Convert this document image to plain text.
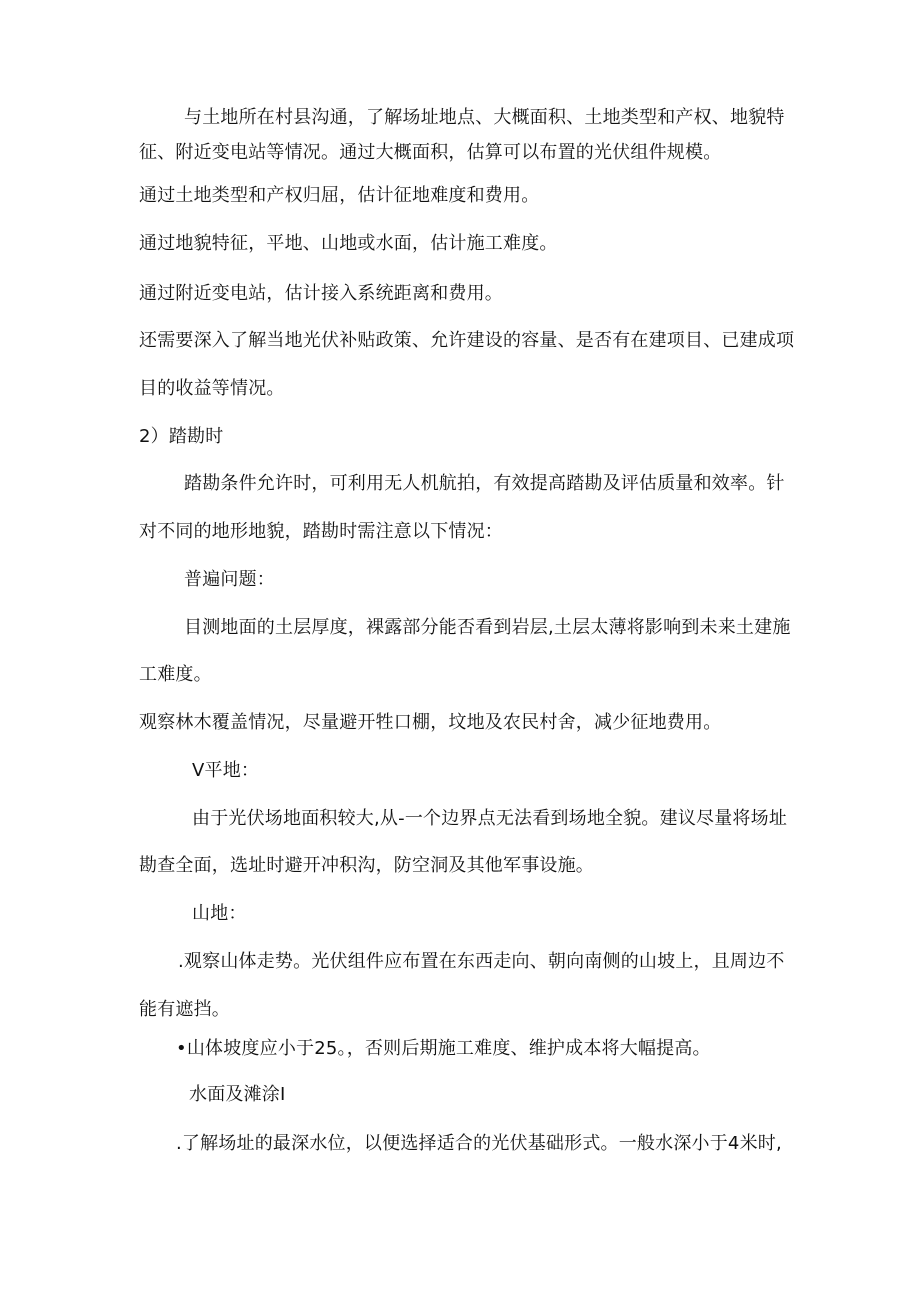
与土地所在村县沟通，了解场址地点、大概面积、土地类型和产权、地貌特
征、附近变电站等情况。通过大概面积，估算可以布置的光伏组件规模。
通过土地类型和产权归屈，估计征地难度和费用。
通过地貌特征，平地、山地或水面，估计施工难度。
通过附近变电站，估计接入系统距离和费用。
还需要深入了解当地光伏补贴政策、允许建设的容量、是否有在建项目、已建成项
目的收益等情况。
2）踏勘时
踏勘条件允许时，可利用无人机航拍，有效提高踏勘及评估质量和效率。针
对不同的地形地貌，踏勘时需注意以下情况：
普遍问题：
目测地面的土层厚度，裸露部分能否看到岩层,土层太薄将影响到未来土建施
工难度。
观察林木覆盖情况，尽量避开牲口棚，坟地及农民村舍，减少征地费用。
V平地：
由于光伏场地面积较大,从-一个边界点无法看到场地全貌。建议尽量将场址
勘查全面，选址时避开冲积沟，防空洞及其他军事设施。
山地：
.观察山体走势。光伏组件应布置在东西走向、朝向南侧的山坡上，且周边不
能有遮挡。
•山体坡度应小于25。，否则后期施工难度、维护成本将大幅提高。
水面及滩涂I
.了解场址的最深水位，以便选择适合的光伏基础形式。一般水深小于4米时,
